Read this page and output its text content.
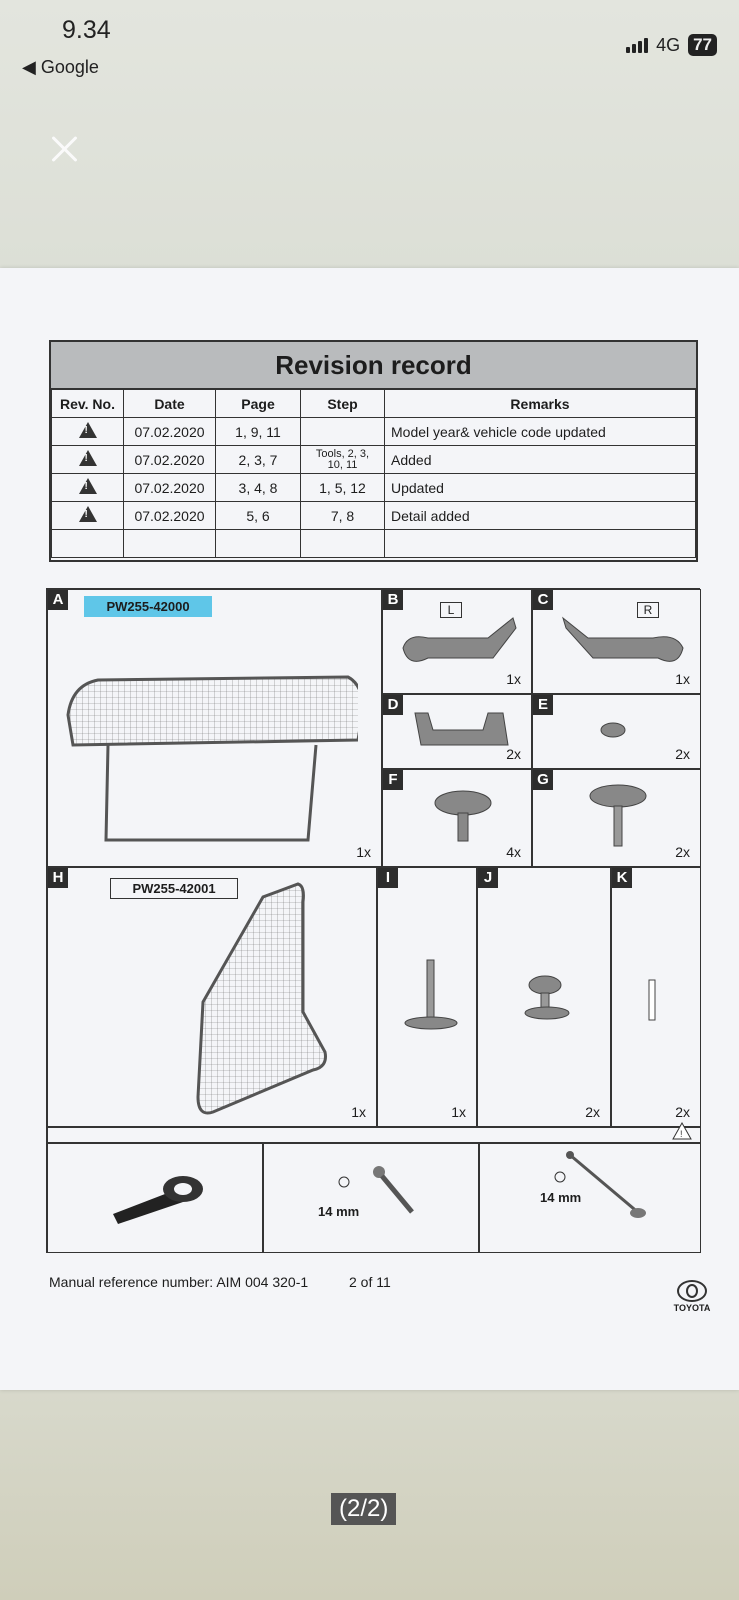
9.34
◀ Google
4G 77
Revision record
Rev. No.	Date	Page	Step	Remarks
!	07.02.2020	1, 9, 11		Model year& vehicle code updated
!	07.02.2020	2, 3, 7	Tools, 2, 3, 10, 11	Added
!	07.02.2020	3, 4, 8	1, 5, 12	Updated
!	07.02.2020	5, 6	7, 8	Detail added

A	PW255-42000
1x
B
L
1x
C
R
1x
D
2x
E
2x
F
4x
G
2x
H
PW255-42001
1x
I
1x
J
2x
K
2x
!
14 mm
14 mm
Manual reference number: AIM 004 320-1	2 of 11
TOYOTA
(2/2)
